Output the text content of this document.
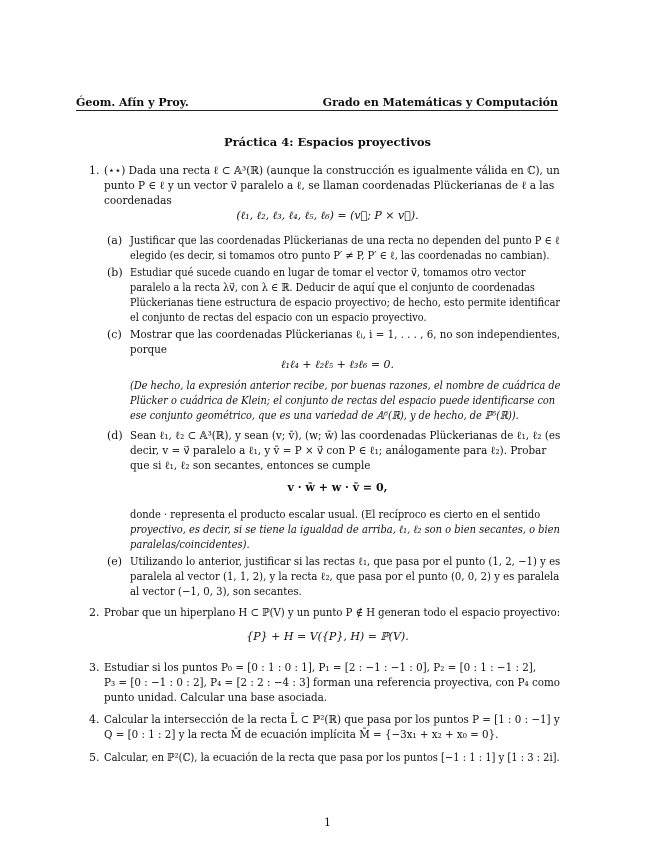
Ǵeom. Afín y Proy.	Grado en Matemáticas y Computación
Práctica 4: Espacios proyectivos
1. (⋆⋆) Dada una recta ℓ ⊂ 𝔸³(ℝ) (aunque la construcción es igualmente válida en ℂ), un
punto P ∈ ℓ y un vector v⃗ paralelo a ℓ, se llaman coordenadas Plückerianas de ℓ a las
coordenadas
(ℓ₁, ℓ₂, ℓ₃, ℓ₄, ℓ₅, ℓ₆) = (v⃗; P × v⃗).
(a) Justificar que las coordenadas Plückerianas de una recta no dependen del punto P ∈ ℓ
elegido (es decir, si tomamos otro punto P′ ≠ P, P′ ∈ ℓ, las coordenadas no cambian).
(b) Estudiar qué sucede cuando en lugar de tomar el vector v⃗, tomamos otro vector
paralelo a la recta λv⃗, con λ ∈ ℝ. Deducir de aquí que el conjunto de coordenadas
Plückerianas tiene estructura de espacio proyectivo; de hecho, esto permite identificar
el conjunto de rectas del espacio con un espacio proyectivo.
(c) Mostrar que las coordenadas Plückerianas ℓᵢ, i = 1, . . . , 6, no son independientes,
porque
ℓ₁ℓ₄ + ℓ₂ℓ₅ + ℓ₃ℓ₆ = 0.
(De hecho, la expresión anterior recibe, por buenas razones, el nombre de cuádrica de
Plücker o cuádrica de Klein; el conjunto de rectas del espacio puede identificarse con
ese conjunto geométrico, que es una variedad de 𝔸⁶(ℝ), y de hecho, de ℙ⁵(ℝ)).
(d) Sean ℓ₁, ℓ₂ ⊂ 𝔸³(ℝ), y sean (v; v̄), (w; w̄) las coordenadas Plückerianas de ℓ₁, ℓ₂ (es
decir, v = v⃗ paralelo a ℓ₁, y v̄ = P × v⃗ con P ∈ ℓ₁; análogamente para ℓ₂). Probar
que si ℓ₁, ℓ₂ son secantes, entonces se cumple
v · w̄ + w · v̄ = 0,
donde · representa el producto escalar usual. (El recíproco es cierto en el sentido
proyectivo, es decir, si se tiene la igualdad de arriba, ℓ₁, ℓ₂ son o bien secantes, o bien
paralelas/coincidentes).
(e) Utilizando lo anterior, justificar si las rectas ℓ₁, que pasa por el punto (1, 2, −1) y es
paralela al vector (1, 1, 2), y la recta ℓ₂, que pasa por el punto (0, 0, 2) y es paralela
al vector (−1, 0, 3), son secantes.
2. Probar que un hiperplano H ⊂ ℙ(V) y un punto P ∉ H generan todo el espacio proyectivo:
{P} + H = V({P}, H) = ℙ(V).
3. Estudiar si los puntos P₀ = [0 : 1 : 0 : 1], P₁ = [2 : −1 : −1 : 0], P₂ = [0 : 1 : −1 : 2],
P₃ = [0 : −1 : 0 : 2], P₄ = [2 : 2 : −4 : 3] forman una referencia proyectiva, con P₄ como
punto unidad. Calcular una base asociada.
4. Calcular la intersección de la recta L̄ ⊂ ℙ²(ℝ) que pasa por los puntos P = [1 : 0 : −1] y
Q = [0 : 1 : 2] y la recta M̄ de ecuación implícita M̄ = {−3x₁ + x₂ + x₀ = 0}.
5. Calcular, en ℙ²(ℂ), la ecuación de la recta que pasa por los puntos [−1 : 1 : 1] y [1 : 3 : 2i].
1
